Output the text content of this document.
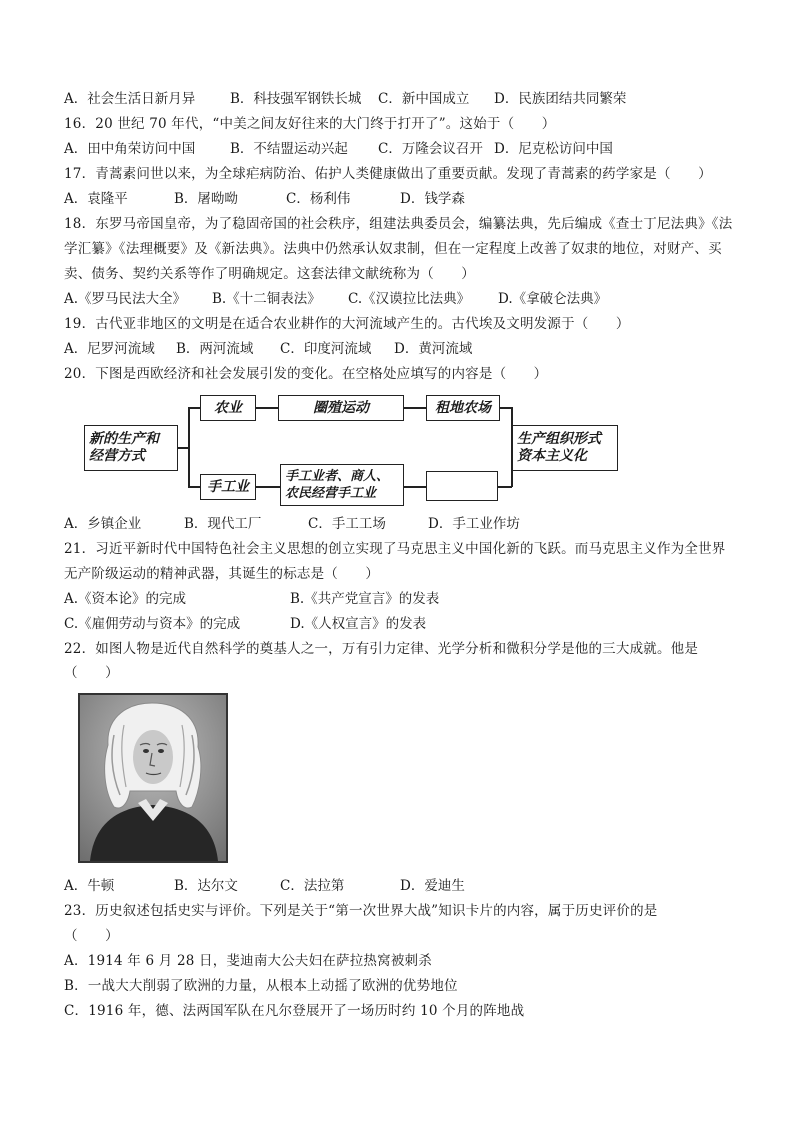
A．社会生活日新月异	B．科技强军钢铁长城 C．新中国成立 D．民族团结共同繁荣
16．20 世纪 70 年代，“中美之间友好往来的大门终于打开了”。这始于（　　）
A．田中角荣访问中国	B．不结盟运动兴起 C．万隆会议召开 D．尼克松访问中国
17．青蒿素问世以来，为全球疟病防治、佑护人类健康做出了重要贡献。发现了青蒿素的药学家是（　　）
A．袁隆平	B．屠呦呦	C．杨利伟	D．钱学森
18．东罗马帝国皇帝，为了稳固帝国的社会秩序，组建法典委员会，编纂法典，先后编成《查士丁尼法典》《法
学汇纂》《法理概要》及《新法典》。法典中仍然承认奴隶制，但在一定程度上改善了奴隶的地位，对财产、买
卖、债务、契约关系等作了明确规定。这套法律文献统称为（　　）
A.《罗马民法大全》 B.《十二铜表法》 C.《汉谟拉比法典》 D.《拿破仑法典》
19．古代亚非地区的文明是在适合农业耕作的大河流域产生的。古代埃及文明发源于（　　）
A．尼罗河流域 B．两河流域 C．印度河流域 D．黄河流域
20．下图是西欧经济和社会发展引发的变化。在空格处应填写的内容是（　　）
新的生产和
经营方式
农业	圈殖运动	租地农场
手工业
手工业者、商人、
农民经营手工业
生产组织形式
资本主义化
A．乡镇企业	B．现代工厂	C．手工工场	D．手工业作坊
21．习近平新时代中国特色社会主义思想的创立实现了马克思主义中国化新的飞跃。而马克思主义作为全世界
无产阶级运动的精神武器，其诞生的标志是（　　）
A.《资本论》的完成	B.《共产党宣言》的发表
C.《雇佣劳动与资本》的完成	D.《人权宣言》的发表
22．如图人物是近代自然科学的奠基人之一，万有引力定律、光学分析和微积分学是他的三大成就。他是
（　　）
A．牛顿	B．达尔文	C．法拉第	D．爱迪生
23．历史叙述包括史实与评价。下列是关于“第一次世界大战”知识卡片的内容，属于历史评价的是
（　　）
A．1914 年 6 月 28 日，斐迪南大公夫妇在萨拉热窝被刺杀
B．一战大大削弱了欧洲的力量，从根本上动摇了欧洲的优势地位
C．1916 年，德、法两国军队在凡尔登展开了一场历时约 10 个月的阵地战
